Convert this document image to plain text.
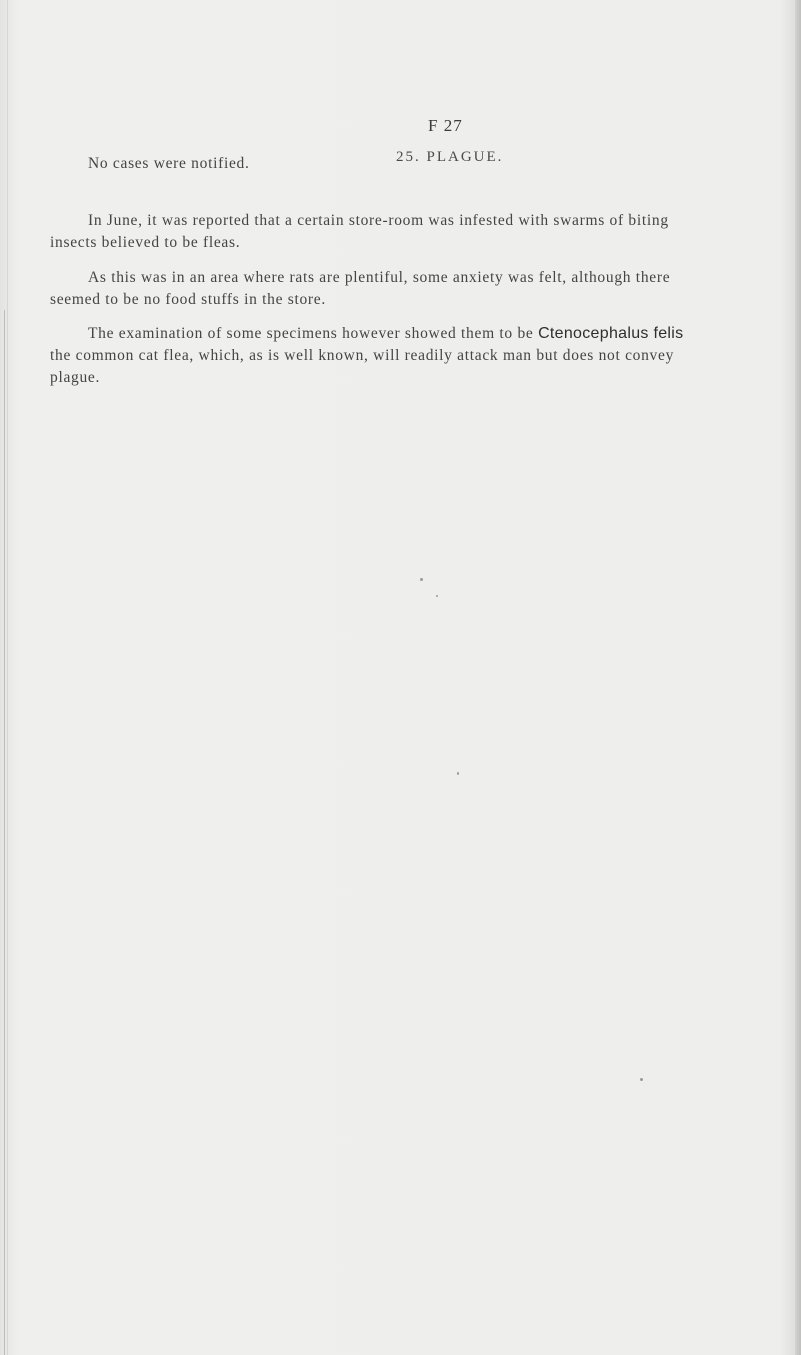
F 27
25. PLAGUE.
No cases were notified.
In June, it was reported that a certain store-room was infested with swarms of biting
insects believed to be fleas.
As this was in an area where rats are plentiful, some anxiety was felt, although there
seemed to be no food stuffs in the store.
The examination of some specimens however showed them to be Ctenocephalus felis
the common cat flea, which, as is well known, will readily attack man but does not convey
plague.
